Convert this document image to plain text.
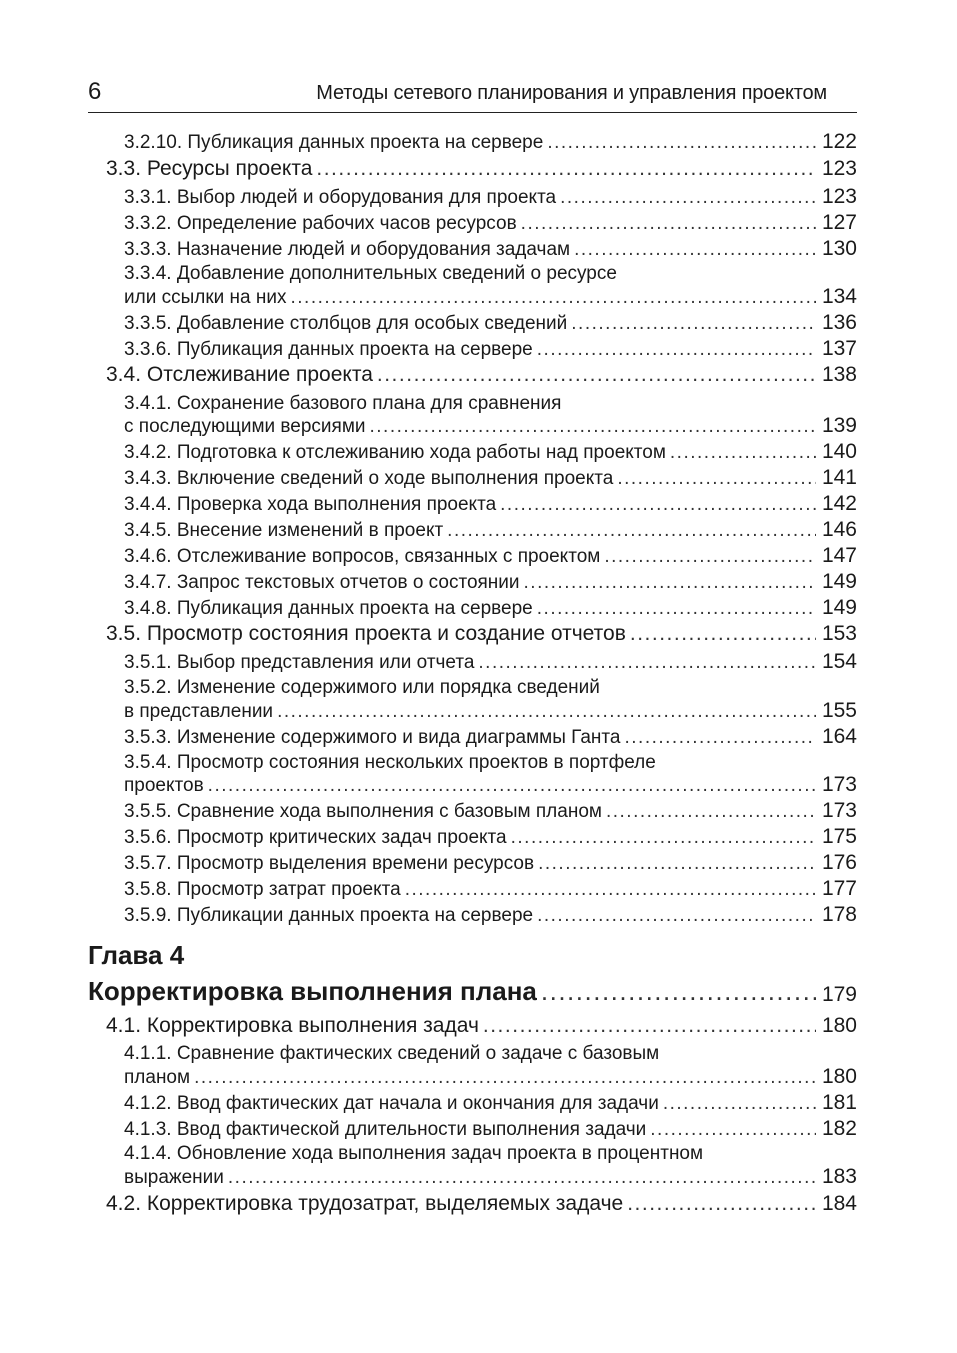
6	Методы сетевого планирования и управления проектом
3.2.10. Публикация данных проекта на сервере .....	122
3.3. Ресурсы проекта .....	123
3.3.1. Выбор людей и оборудования для проекта .....	123
3.3.2. Определение рабочих часов ресурсов .....	127
3.3.3. Назначение людей и оборудования задачам .....	130
3.3.4. Добавление дополнительных сведений о ресурсе
или ссылки на них .....	134
3.3.5. Добавление столбцов для особых сведений .....	136
3.3.6. Публикация данных проекта на сервере .....	137
3.4. Отслеживание проекта .....	138
3.4.1. Сохранение базового плана для сравнения
с последующими версиями .....	139
3.4.2. Подготовка к отслеживанию хода работы над проектом .....	140
3.4.3. Включение сведений о ходе выполнения проекта .....	141
3.4.4. Проверка хода выполнения проекта .....	142
3.4.5. Внесение изменений в проект .....	146
3.4.6. Отслеживание вопросов, связанных с проектом .....	147
3.4.7. Запрос текстовых отчетов о состоянии .....	149
3.4.8. Публикация данных проекта на сервере .....	149
3.5. Просмотр состояния проекта и создание отчетов .....	153
3.5.1. Выбор представления или отчета .....	154
3.5.2. Изменение содержимого или порядка сведений
в представлении .....	155
3.5.3. Изменение содержимого и вида диаграммы Ганта .....	164
3.5.4. Просмотр состояния нескольких проектов в портфеле
проектов .....	173
3.5.5. Сравнение хода выполнения с базовым планом .....	173
3.5.6. Просмотр критических задач проекта .....	175
3.5.7. Просмотр выделения времени ресурсов .....	176
3.5.8. Просмотр затрат проекта .....	177
3.5.9. Публикации данных проекта на сервере .....	178
Глава 4
Корректировка выполнения плана .....	179
4.1. Корректировка выполнения задач .....	180
4.1.1. Сравнение фактических сведений о задаче с базовым
планом .....	180
4.1.2. Ввод фактических дат начала и окончания для задачи .....	181
4.1.3. Ввод фактической длительности выполнения задачи .....	182
4.1.4. Обновление хода выполнения задач проекта в процентном
выражении .....	183
4.2. Корректировка трудозатрат, выделяемых задаче .....	184
